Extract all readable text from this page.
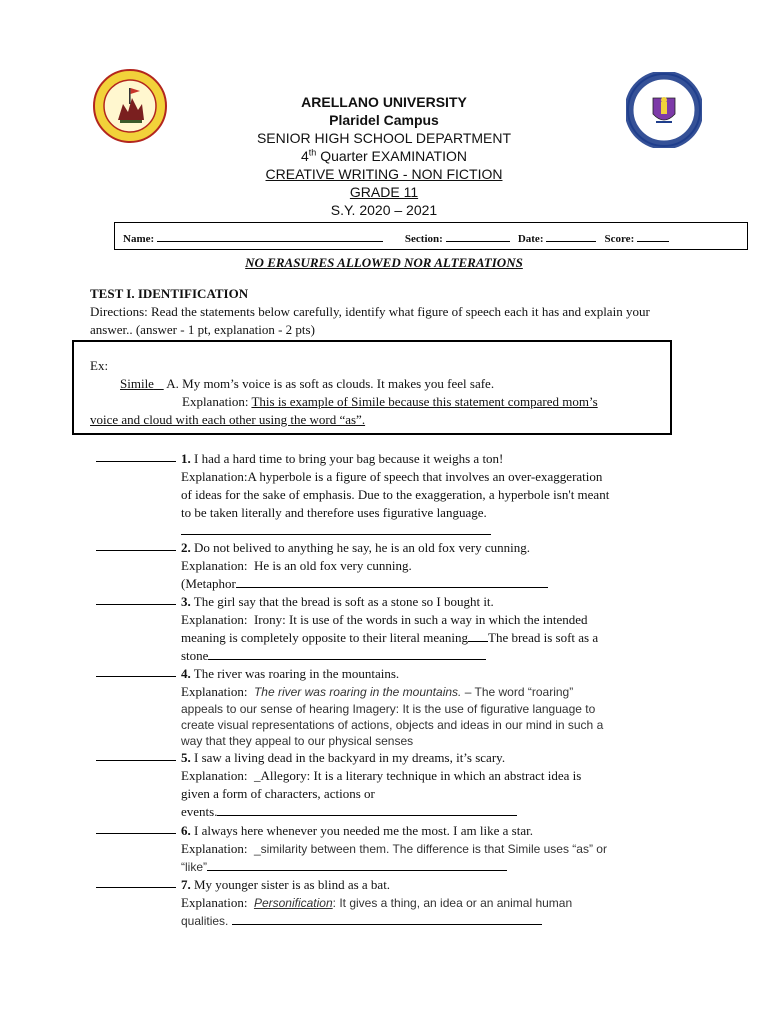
ARELLANO UNIVERSITY
Plaridel Campus
SENIOR HIGH SCHOOL DEPARTMENT
4th Quarter EXAMINATION
CREATIVE WRITING - NON FICTION
GRADE 11
S.Y. 2020 – 2021
Name:	Section:	Date:	Score:
NO ERASURES ALLOWED NOR ALTERATIONS
TEST I. IDENTIFICATION
Directions: Read the statements below carefully, identify what figure of speech each it has and explain your answer.. (answer - 1 pt, explanation - 2 pts)
Ex:
Simile A. My mom’s voice is as soft as clouds. It makes you feel safe.
Explanation: This is example of Simile because this statement compared mom’s
voice and cloud with each other using the word “as”.
1. I had a hard time to bring your bag because it weighs a ton!
Explanation:A hyperbole is a figure of speech that involves an over-exaggeration
of ideas for the sake of emphasis. Due to the exaggeration, a hyperbole isn't meant
to be taken literally and therefore uses figurative language.
2. Do not belived to anything he say, he is an old fox very cunning.
Explanation: He is an old fox very cunning.
(Metaphor
3. The girl say that the bread is soft as a stone so I bought it.
Explanation: Irony: It is use of the words in such a way in which the intended
meaning is completely opposite to their literal meaning The bread is soft as a
stone
4. The river was roaring in the mountains.
Explanation: The river was roaring in the mountains. – The word “roaring”
appeals to our sense of hearing Imagery: It is the use of figurative language to
create visual representations of actions, objects and ideas in our mind in such a
way that they appeal to our physical senses
5. I saw a living dead in the backyard in my dreams, it’s scary.
Explanation: _Allegory: It is a literary technique in which an abstract idea is
given a form of characters, actions or
events.
6. I always here whenever you needed me the most. I am like a star.
Explanation: _similarity between them. The difference is that Simile uses “as” or
“like”
7. My younger sister is as blind as a bat.
Explanation: Personification: It gives a thing, an idea or an animal human
qualities.
